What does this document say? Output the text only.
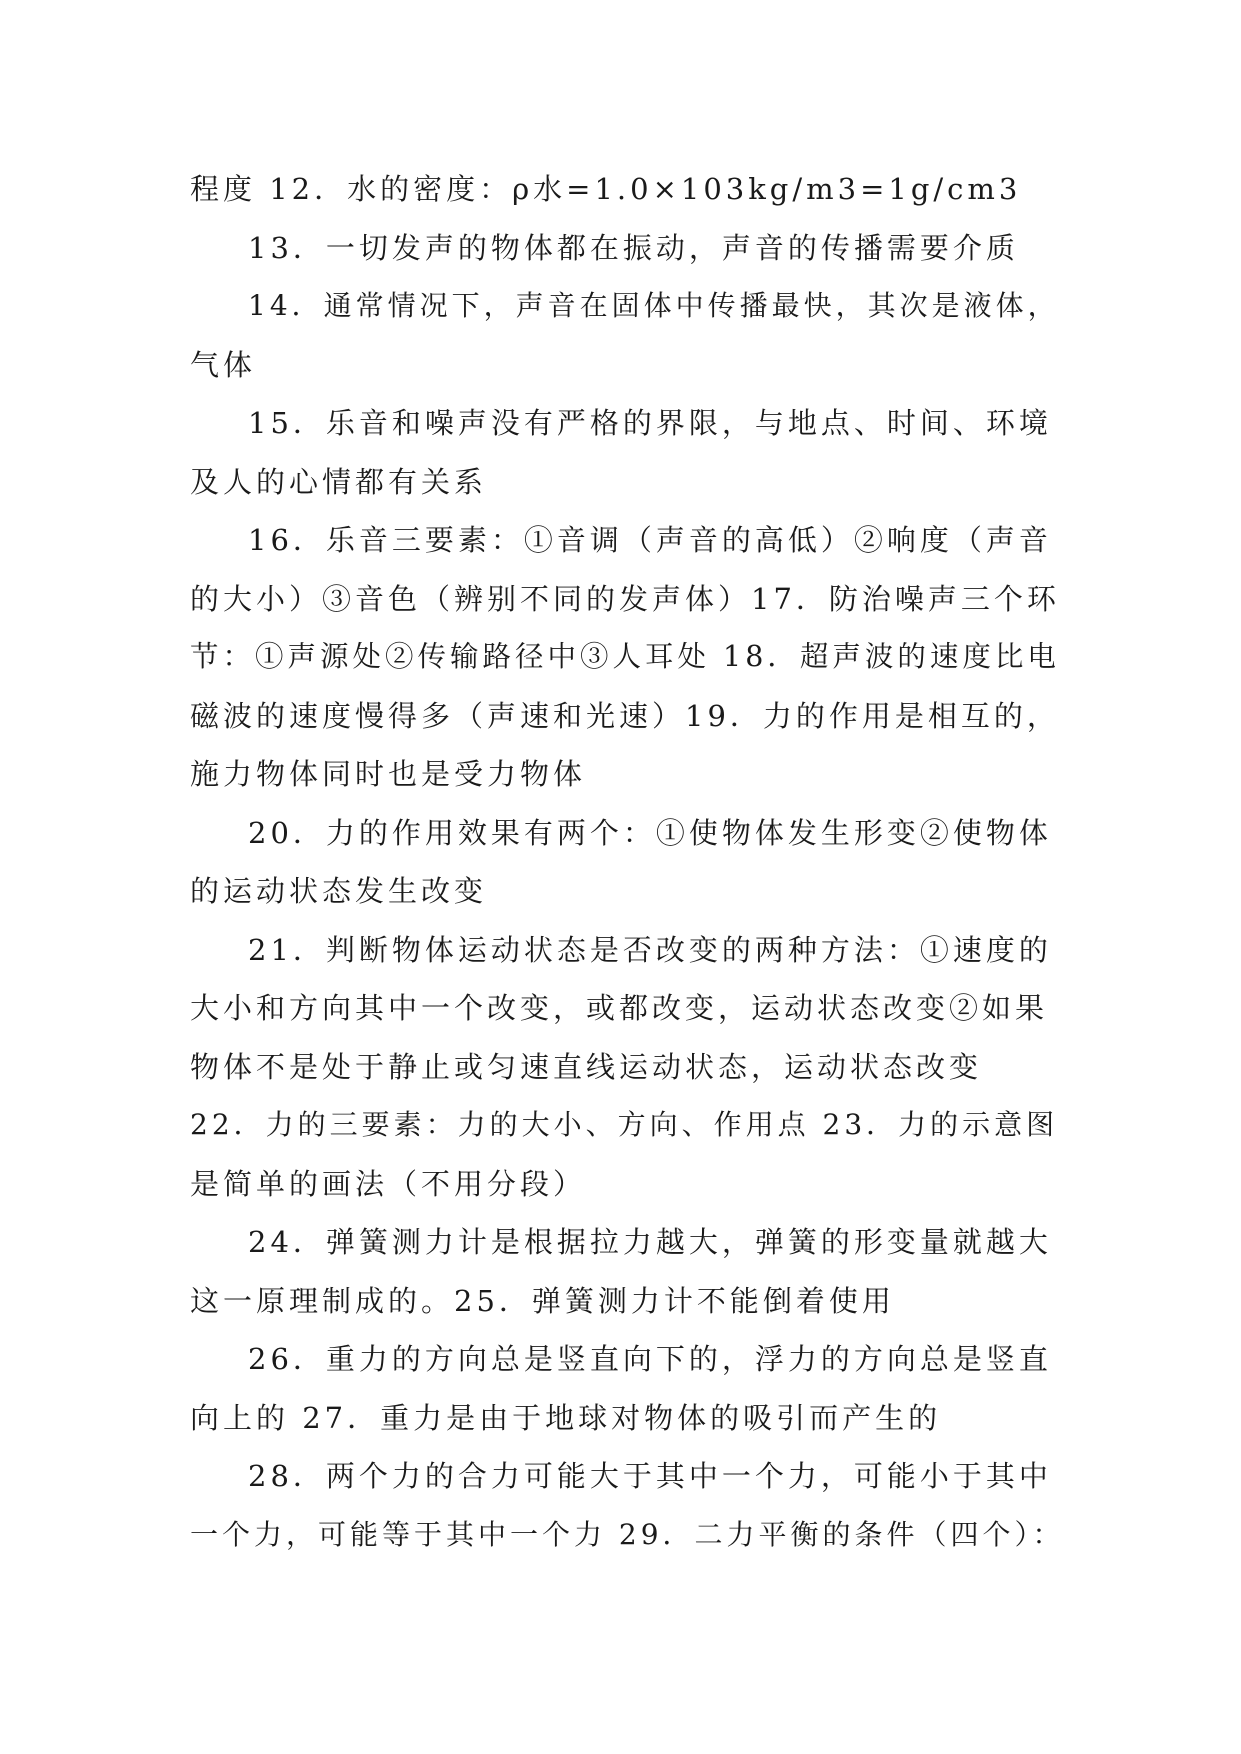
程度 12．水的密度：ρ水=1.0×103kg/m3=1g/cm3
13．一切发声的物体都在振动，声音的传播需要介质
14．通常情况下，声音在固体中传播最快，其次是液体，
气体
15．乐音和噪声没有严格的界限，与地点、时间、环境
及人的心情都有关系
16．乐音三要素：①音调（声音的高低）②响度（声音
的大小）③音色（辨别不同的发声体）17．防治噪声三个环
节：①声源处②传输路径中③人耳处 18．超声波的速度比电
磁波的速度慢得多（声速和光速）19．力的作用是相互的，
施力物体同时也是受力物体
20．力的作用效果有两个：①使物体发生形变②使物体
的运动状态发生改变
21．判断物体运动状态是否改变的两种方法：①速度的
大小和方向其中一个改变，或都改变，运动状态改变②如果
物体不是处于静止或匀速直线运动状态，运动状态改变
22．力的三要素：力的大小、方向、作用点 23．力的示意图
是简单的画法（不用分段）
24．弹簧测力计是根据拉力越大，弹簧的形变量就越大
这一原理制成的。25．弹簧测力计不能倒着使用
26．重力的方向总是竖直向下的，浮力的方向总是竖直
向上的 27．重力是由于地球对物体的吸引而产生的
28．两个力的合力可能大于其中一个力，可能小于其中
一个力，可能等于其中一个力 29．二力平衡的条件（四个）：
